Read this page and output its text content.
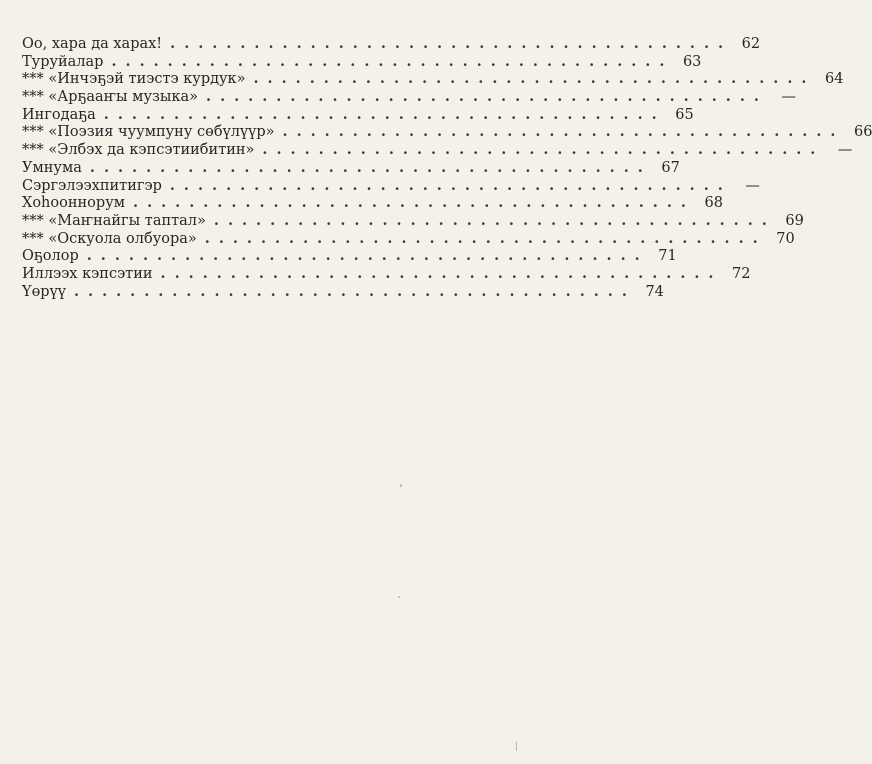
Оо, хара да харах! ........................................ 62
Туруйалар ........................................ 63
*** «Инчэҕэй тиэстэ курдук» ........................................ 64
*** «Арҕааҥы музыка» ........................................ —
Ингодаҕа ........................................ 65
*** «Поэзия чуумпуну сөбүлүүр» ........................................ 66
*** «Элбэх да кэпсэтиибитин» ........................................ —
Умнума ........................................ 67
Сэргэлээхпитигэр ........................................ —
Хоһооннорум ........................................ 68
*** «Маҥнайгы таптал» ........................................ 69
*** «Оскуола олбуора» ........................................ 70
Оҕолор ........................................ 71
Иллээх кэпсэтии ........................................ 72
Үөрүү ........................................ 74
